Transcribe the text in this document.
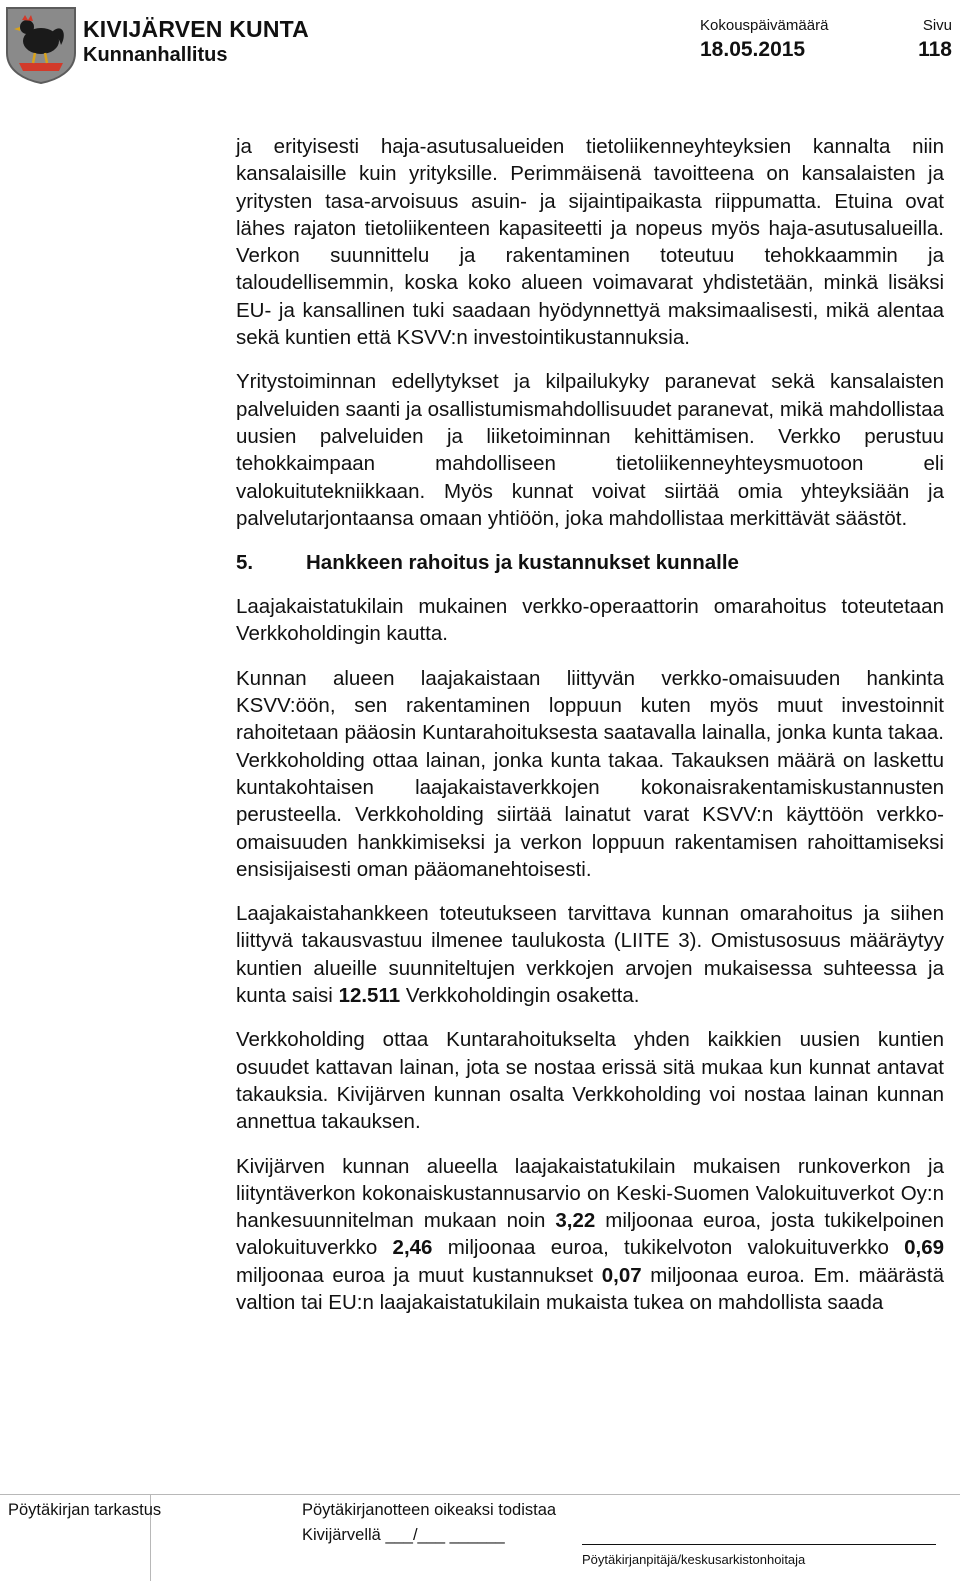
KIVIJÄRVEN KUNTA
Kunnanhallitus
Kokouspäivämäärä
18.05.2015
Sivu
118

ja erityisesti haja-asutusalueiden tietoliikenneyhteyksien kannalta niin kansalaisille kuin yrityksille. Perimmäisenä tavoitteena on kansalaisten ja yritysten tasa-arvoisuus asuin- ja sijaintipaikasta riippumatta. Etuina ovat lähes rajaton tietoliikenteen kapasiteetti ja nopeus myös haja-asutusalueilla. Verkon suunnittelu ja rakentaminen toteutuu tehokkaammin ja taloudellisemmin, koska koko alueen voimavarat yhdistetään, minkä lisäksi EU- ja kansallinen tuki saadaan hyödynnettyä maksimaalisesti, mikä alentaa sekä kuntien että KSVV:n investointikustannuksia.

Yritystoiminnan edellytykset ja kilpailukyky paranevat sekä kansalaisten palveluiden saanti ja osallistumismahdollisuudet paranevat, mikä mahdollistaa uusien palveluiden ja liiketoiminnan kehittämisen. Verkko perustuu tehokkaimpaan mahdolliseen tietoliikenneyhteysmuotoon eli valokuitutekniikkaan. Myös kunnat voivat siirtää omia yhteyksiään ja palvelutarjontaansa omaan yhtiöön, joka mahdollistaa merkittävät säästöt.

5.	Hankkeen rahoitus ja kustannukset kunnalle

Laajakaistatukilain mukainen verkko-operaattorin omarahoitus toteutetaan Verkkoholdingin kautta.

Kunnan alueen laajakaistaan liittyvän verkko-omaisuuden hankinta KSVV:öön, sen rakentaminen loppuun kuten myös muut investoinnit rahoitetaan pääosin Kuntarahoituksesta saatavalla lainalla, jonka kunta takaa. Verkkoholding ottaa lainan, jonka kunta takaa. Takauksen määrä on laskettu kuntakohtaisen laajakaistaverkkojen kokonaisrakentamiskustannusten perusteella. Verkkoholding siirtää lainatut varat KSVV:n käyttöön verkko-omaisuuden hankkimiseksi ja verkon loppuun rakentamisen rahoittamiseksi ensisijaisesti oman pääomanehtoisesti.

Laajakaistahankkeen toteutukseen tarvittava kunnan omarahoitus ja siihen liittyvä takausvastuu ilmenee taulukosta (LIITE 3). Omistusosuus määräytyy kuntien alueille suunniteltujen verkkojen arvojen mukaisessa suhteessa ja kunta saisi 12.511 Verkkoholdingin osaketta.

Verkkoholding ottaa Kuntarahoitukselta yhden kaikkien uusien kuntien osuudet kattavan lainan, jota se nostaa erissä sitä mukaa kun kunnat antavat takauksia. Kivijärven kunnan osalta Verkkoholding voi nostaa lainan kunnan annettua takauksen.

Kivijärven kunnan alueella laajakaistatukilain mukaisen runkoverkon ja liityntäverkon kokonaiskustannusarvio on Keski-Suomen Valokuituverkot Oy:n hankesuunnitelman mukaan noin 3,22 miljoonaa euroa, josta tukikelpoinen valokuituverkko 2,46 miljoonaa euroa, tukikelvoton valokuituverkko 0,69 miljoonaa euroa ja muut kustannukset 0,07 miljoonaa euroa. Em. määrästä valtion tai EU:n laajakaistatukilain mukaista tukea on mahdollista saada

Pöytäkirjan tarkastus	Pöytäkirjanotteen oikeaksi todistaa
Kivijärvellä ___/___ ______
Pöytäkirjanpitäjä/keskusarkistonhoitaja
